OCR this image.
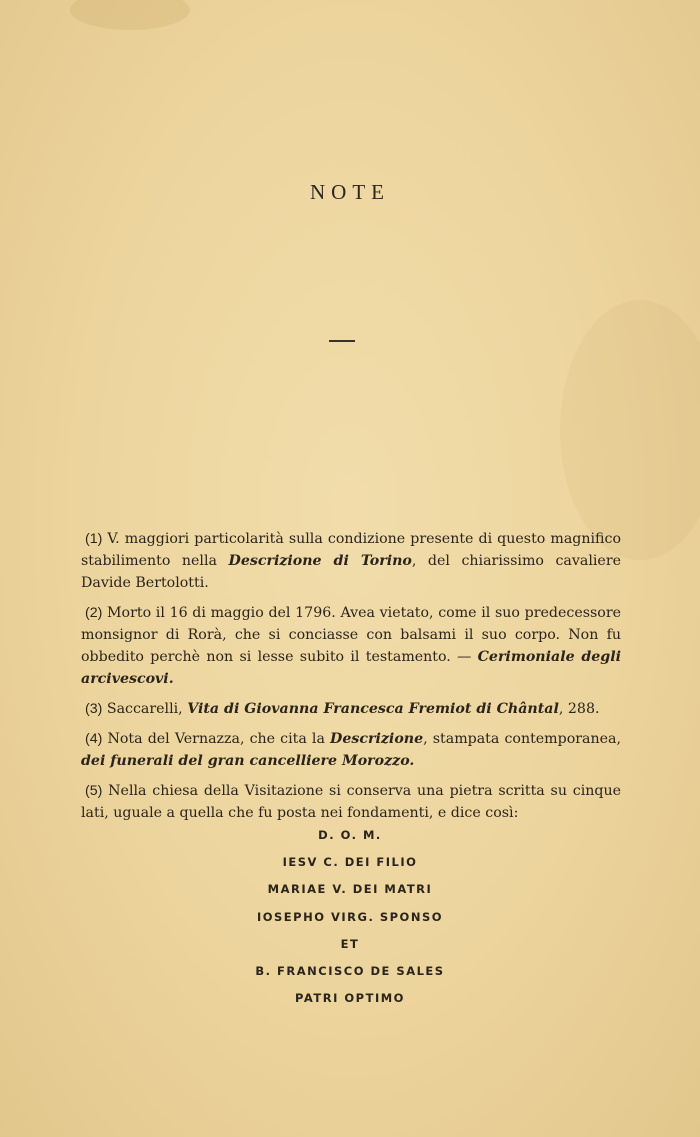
NOTE

(1) V. maggiori particolarità sulla condizione presente di questo magnifico stabilimento nella Descrizione di Torino, del chiarissimo cavaliere Davide Bertolotti.

(2) Morto il 16 di maggio del 1796. Avea vietato, come il suo predecessore monsignor di Rorà, che si conciasse con balsami il suo corpo. Non fu obbedito perchè non si lesse subito il testamento. — Cerimoniale degli arcivescovi.

(3) Saccarelli, Vita di Giovanna Francesca Fremiot di Chântal, 288.

(4) Nota del Vernazza, che cita la Descrizione, stampata contemporanea, dei funerali del gran cancelliere Morozzo.

(5) Nella chiesa della Visitazione si conserva una pietra scritta su cinque lati, uguale a quella che fu posta nei fondamenti, e dice così:

D. O. M.
IESV C. DEI FILIO
MARIAE V. DEI MATRI
IOSEPHO VIRG. SPONSO
ET
B. FRANCISCO DE SALES
PATRI OPTIMO
